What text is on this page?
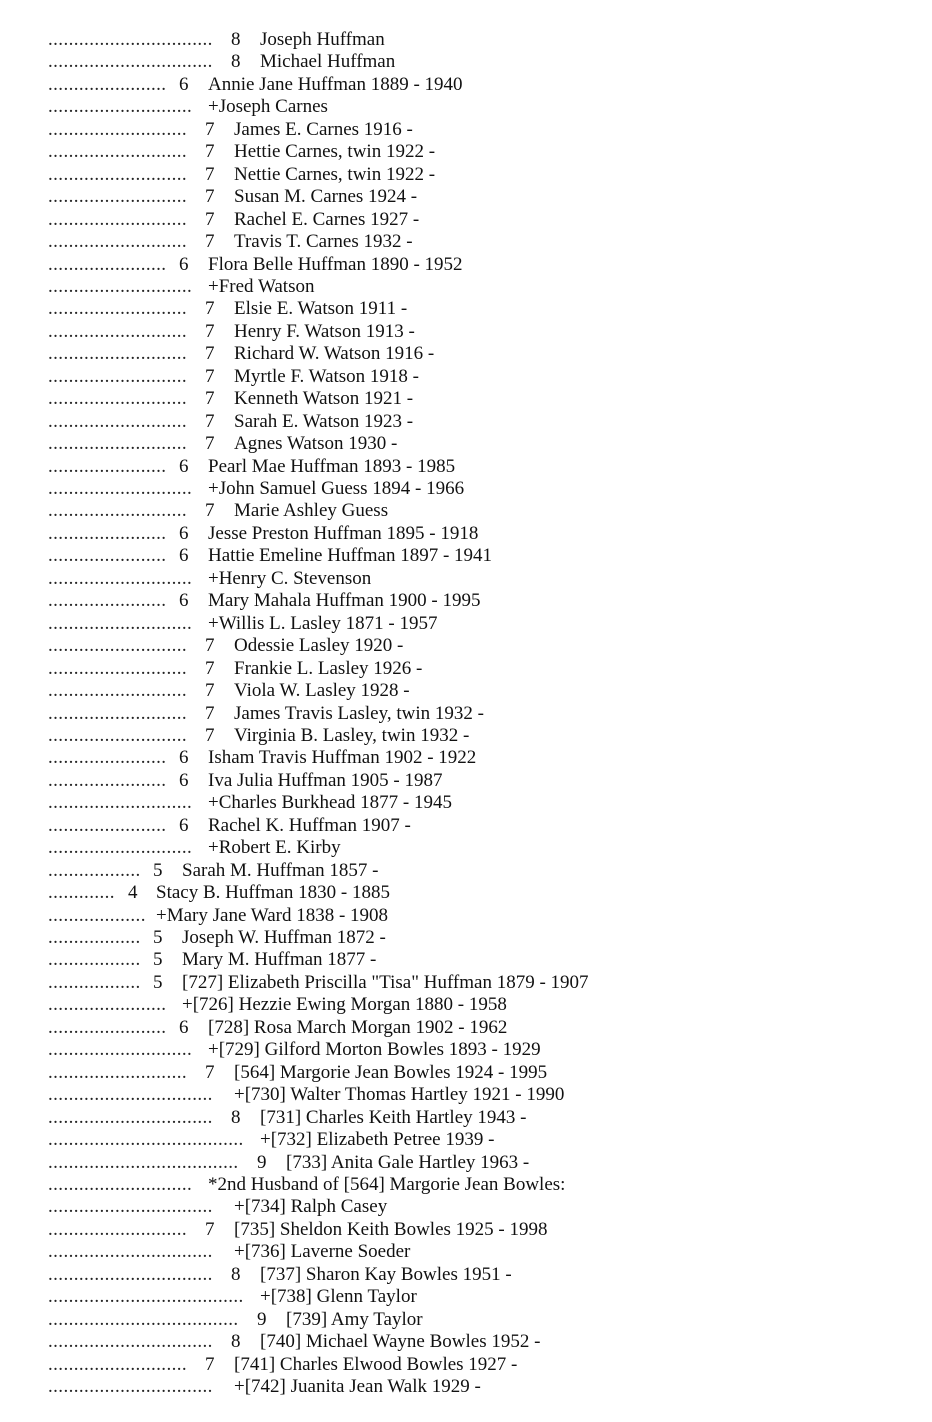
................................ 8 Joseph Huffman
................................ 8 Michael Huffman
....................... 6 Annie Jane Huffman 1889 - 1940
............................ +Joseph Carnes
........................... 7 James E. Carnes 1916 -
........................... 7 Hettie Carnes, twin 1922 -
........................... 7 Nettie Carnes, twin 1922 -
........................... 7 Susan M. Carnes 1924 -
........................... 7 Rachel E. Carnes 1927 -
........................... 7 Travis T. Carnes 1932 -
....................... 6 Flora Belle Huffman 1890 - 1952
............................ +Fred Watson
........................... 7 Elsie E. Watson 1911 -
........................... 7 Henry F. Watson 1913 -
........................... 7 Richard W. Watson 1916 -
........................... 7 Myrtle F. Watson 1918 -
........................... 7 Kenneth Watson 1921 -
........................... 7 Sarah E. Watson 1923 -
........................... 7 Agnes Watson 1930 -
....................... 6 Pearl Mae Huffman 1893 - 1985
............................ +John Samuel Guess 1894 - 1966
........................... 7 Marie Ashley Guess
....................... 6 Jesse Preston Huffman 1895 - 1918
....................... 6 Hattie Emeline Huffman 1897 - 1941
............................ +Henry C. Stevenson
....................... 6 Mary Mahala Huffman 1900 - 1995
............................ +Willis L. Lasley 1871 - 1957
........................... 7 Odessie Lasley 1920 -
........................... 7 Frankie L. Lasley 1926 -
........................... 7 Viola W. Lasley 1928 -
........................... 7 James Travis Lasley, twin 1932 -
........................... 7 Virginia B. Lasley, twin 1932 -
....................... 6 Isham Travis Huffman 1902 - 1922
....................... 6 Iva Julia Huffman 1905 - 1987
............................ +Charles Burkhead 1877 - 1945
....................... 6 Rachel K. Huffman 1907 -
............................ +Robert E. Kirby
.................. 5 Sarah M. Huffman 1857 -
............. 4 Stacy B. Huffman 1830 - 1885
................... +Mary Jane Ward 1838 - 1908
.................. 5 Joseph W. Huffman 1872 -
.................. 5 Mary M. Huffman 1877 -
.................. 5 [727] Elizabeth Priscilla "Tisa" Huffman 1879 - 1907
....................... +[726] Hezzie Ewing Morgan 1880 - 1958
....................... 6 [728] Rosa March Morgan 1902 - 1962
............................ +[729] Gilford Morton Bowles 1893 - 1929
........................... 7 [564] Margorie Jean Bowles 1924 - 1995
................................ +[730] Walter Thomas Hartley 1921 - 1990
................................ 8 [731] Charles Keith Hartley 1943 -
...................................... +[732] Elizabeth Petree 1939 -
..................................... 9 [733] Anita Gale Hartley 1963 -
............................ *2nd Husband of [564] Margorie Jean Bowles:
................................ +[734] Ralph Casey
........................... 7 [735] Sheldon Keith Bowles 1925 - 1998
................................ +[736] Laverne Soeder
................................ 8 [737] Sharon Kay Bowles 1951 -
...................................... +[738] Glenn Taylor
..................................... 9 [739] Amy Taylor
................................ 8 [740] Michael Wayne Bowles 1952 -
........................... 7 [741] Charles Elwood Bowles 1927 -
................................ +[742] Juanita Jean Walk 1929 -
